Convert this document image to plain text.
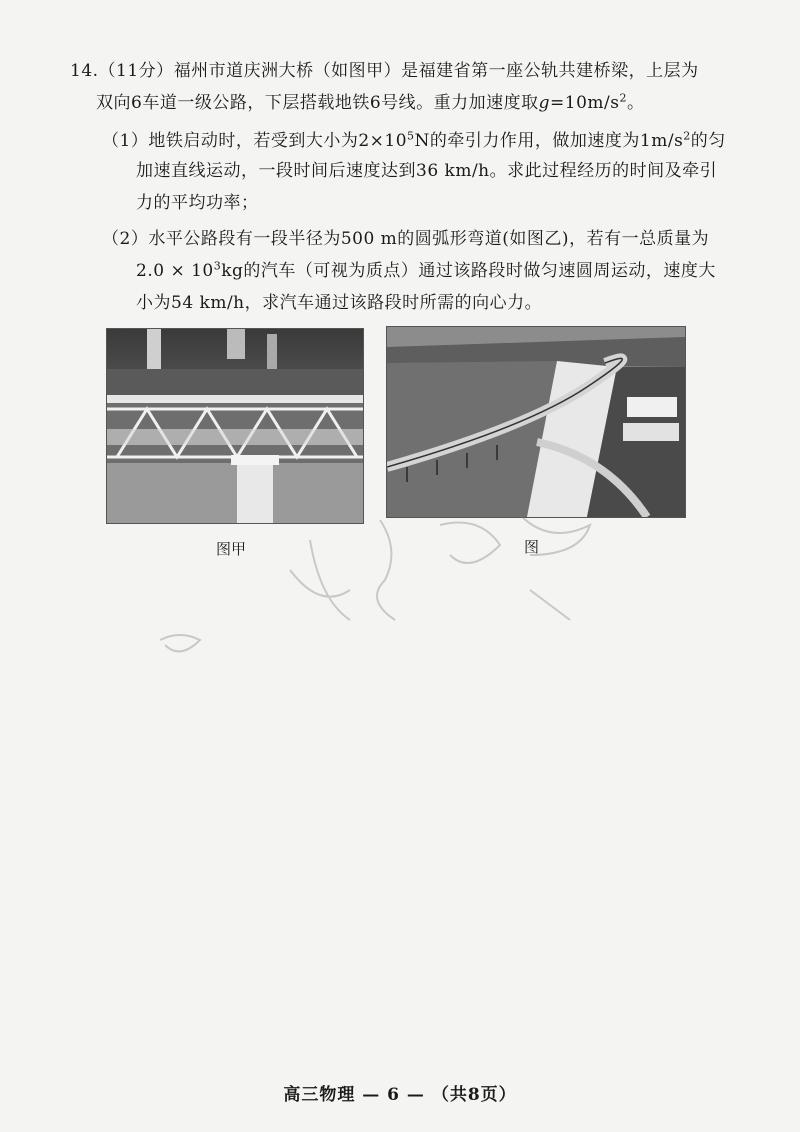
14.（11分）福州市道庆洲大桥（如图甲）是福建省第一座公轨共建桥梁，上层为
双向6车道一级公路，下层搭载地铁6号线。重力加速度取$g=10m/s^2$。
（1）地铁启动时，若受到大小为$2\times 10^5N$的牵引力作用，做加速度为$1m/s^2$的匀
加速直线运动，一段时间后速度达到36 km/h。求此过程经历的时间及牵引
力的平均功率；
（2）水平公路段有一段半径为500 m的圆弧形弯道(如图乙)，若有一总质量为
$2.0 \times 10^3kg$的汽车（可视为质点）通过该路段时做匀速圆周运动，速度大
小为54 km/h，求汽车通过该路段时所需的向心力。
图甲	图
高三物理 — 6 — （共8页）
